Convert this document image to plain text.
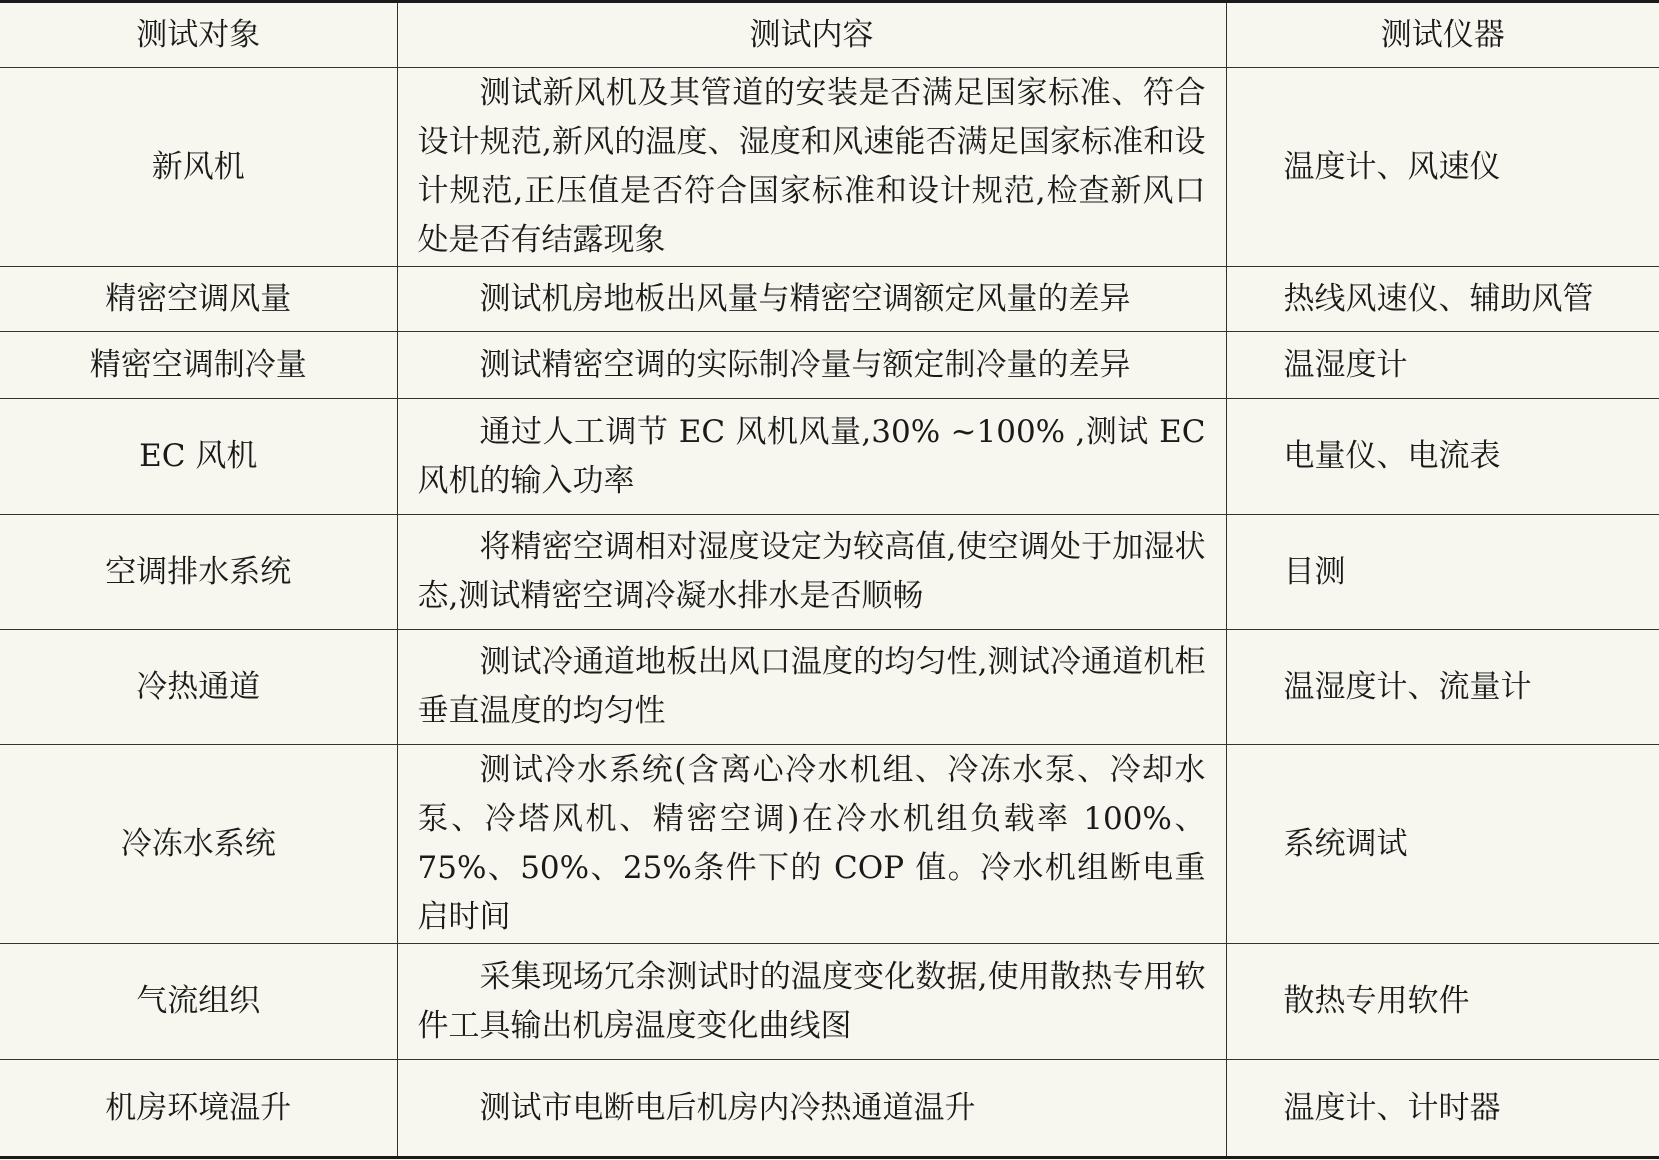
测试对象	测试内容	测试仪器
新风机	测试新风机及其管道的安装是否满足国家标准、符合设计规范,新风的温度、湿度和风速能否满足国家标准和设计规范,正压值是否符合国家标准和设计规范,检查新风口处是否有结露现象	温度计、风速仪
精密空调风量	测试机房地板出风量与精密空调额定风量的差异	热线风速仪、辅助风管
精密空调制冷量	测试精密空调的实际制冷量与额定制冷量的差异	温湿度计
EC 风机	通过人工调节 EC 风机风量,30% ~100% ,测试 EC 风机的输入功率	电量仪、电流表
空调排水系统	将精密空调相对湿度设定为较高值,使空调处于加湿状态,测试精密空调冷凝水排水是否顺畅	目测
冷热通道	测试冷通道地板出风口温度的均匀性,测试冷通道机柜垂直温度的均匀性	温湿度计、流量计
冷冻水系统	测试冷水系统(含离心冷水机组、冷冻水泵、冷却水泵、冷塔风机、精密空调)在冷水机组负载率 100%、75%、50%、25%条件下的 COP 值。冷水机组断电重启时间	系统调试
气流组织	采集现场冗余测试时的温度变化数据,使用散热专用软件工具输出机房温度变化曲线图	散热专用软件
机房环境温升	测试市电断电后机房内冷热通道温升	温度计、计时器
